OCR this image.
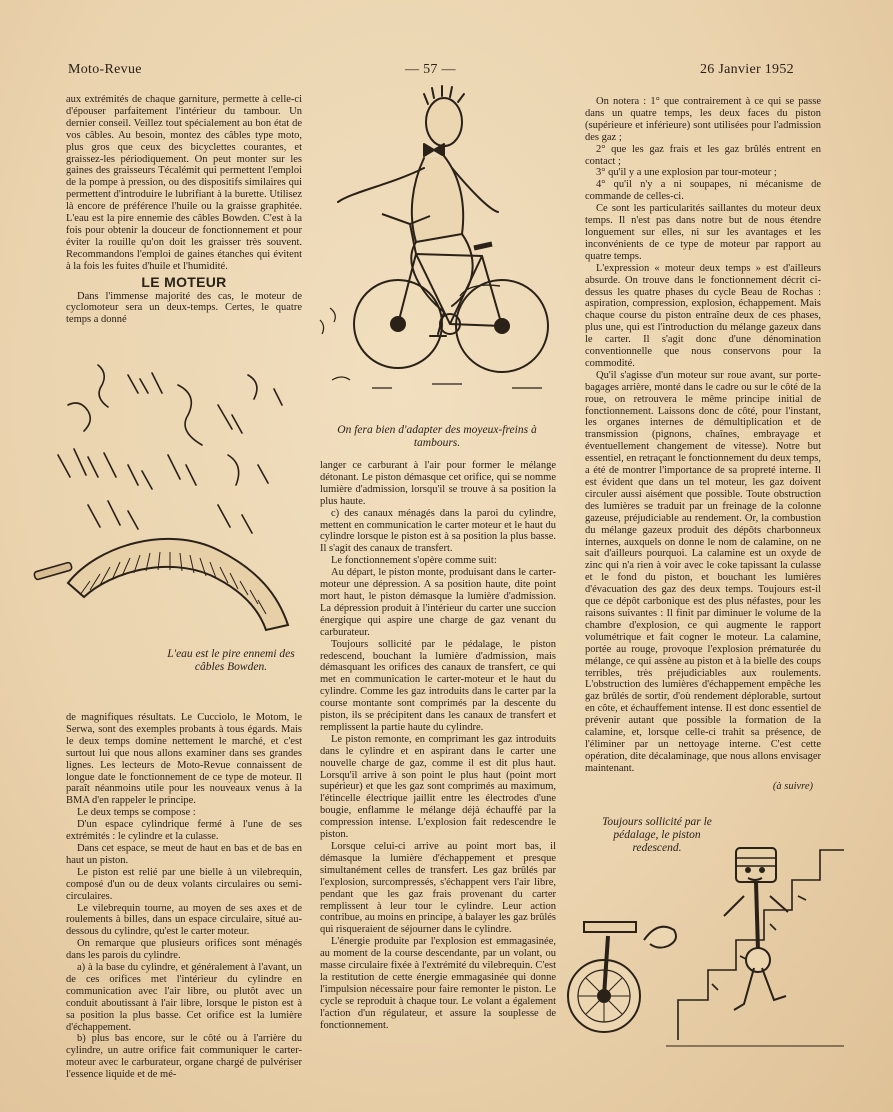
Moto-Revue	— 57 —	26 Janvier 1952

aux extrémités de chaque garniture, permette à celle-ci d'épouser parfaitement l'intérieur du tambour. Un dernier conseil. Veillez tout spécialement au bon état de vos câbles. Au besoin, montez des câbles type moto, plus gros que ceux des bicyclettes courantes, et graissez-les périodiquement. On peut monter sur les gaines des graisseurs Técalémit qui permettent l'emploi de la pompe à pression, ou des dispositifs similaires qui permettent d'introduire le lubrifiant à la burette. Utilisez là encore de préférence l'huile ou la graisse graphitée. L'eau est la pire ennemie des câbles Bowden. C'est à la fois pour obtenir la douceur de fonctionnement et pour éviter la rouille qu'on doit les graisser très souvent. Recommandons l'emploi de gaines étanches qui évitent à la fois les fuites d'huile et l'humidité.

LE MOTEUR

Dans l'immense majorité des cas, le moteur de cyclomoteur sera un deux-temps. Certes, le quatre temps a donné

L'eau est le pire ennemi des câbles Bowden.

de magnifiques résultats. Le Cucciolo, le Motom, le Serwa, sont des exemples probants à tous égards. Mais le deux temps domine nettement le marché, et c'est surtout lui que nous allons examiner dans ses grandes lignes. Les lecteurs de Moto-Revue connaissent de longue date le fonctionnement de ce type de moteur. Il paraît néanmoins utile pour les nouveaux venus à la BMA d'en rappeler le principe.

Le deux temps se compose :

D'un espace cylindrique fermé à l'une de ses extrémités : le cylindre et la culasse.

Dans cet espace, se meut de haut en bas et de bas en haut un piston.

Le piston est relié par une bielle à un vilebrequin, composé d'un ou de deux volants circulaires ou semi-circulaires.

Le vilebrequin tourne, au moyen de ses axes et de roulements à billes, dans un espace circulaire, situé au-dessous du cylindre, qu'est le carter moteur.

On remarque que plusieurs orifices sont ménagés dans les parois du cylindre.

a) à la base du cylindre, et généralement à l'avant, un de ces orifices met l'intérieur du cylindre en communication avec l'air libre, ou plutôt avec un conduit aboutissant à l'air libre, lorsque le piston est à sa position la plus basse. Cet orifice est la lumière d'échappement.

b) plus bas encore, sur le côté ou à l'arrière du cylindre, un autre orifice fait communiquer le carter-moteur avec le carburateur, organe chargé de pulvériser l'essence liquide et de mé-

On fera bien d'adapter des moyeux-freins à tambours.

langer ce carburant à l'air pour former le mélange détonant. Le piston démasque cet orifice, qui se nomme lumière d'admission, lorsqu'il se trouve à sa position la plus haute.

c) des canaux ménagés dans la paroi du cylindre, mettent en communication le carter moteur et le haut du cylindre lorsque le piston est à sa position la plus basse. Il s'agit des canaux de transfert.

Le fonctionnement s'opère comme suit:

Au départ, le piston monte, produisant dans le carter-moteur une dépression. A sa position haute, dite point mort haut, le piston démasque la lumière d'admission. La dépression produit à l'intérieur du carter une succion énergique qui aspire une charge de gaz venant du carburateur.

Toujours sollicité par le pédalage, le piston redescend, bouchant la lumière d'admission, mais démasquant les orifices des canaux de transfert, ce qui met en communication le carter-moteur et le haut du cylindre. Comme les gaz introduits dans le carter par la course montante sont comprimés par la descente du piston, ils se précipitent dans les canaux de transfert et remplissent la partie haute du cylindre.

Le piston remonte, en comprimant les gaz introduits dans le cylindre et en aspirant dans le carter une nouvelle charge de gaz, comme il est dit plus haut. Lorsqu'il arrive à son point le plus haut (point mort supérieur) et que les gaz sont comprimés au maximum, l'étincelle électrique jaillit entre les électrodes d'une bougie, enflamme le mélange déjà échauffé par la compression intense. L'explosion fait redescendre le piston.

Lorsque celui-ci arrive au point mort bas, il démasque la lumière d'échappement et presque simultanément celles de transfert. Les gaz brûlés par l'explosion, surcompressés, s'échappent vers l'air libre, pendant que les gaz frais provenant du carter remplissent à leur tour le cylindre. Leur action contribue, au moins en principe, à balayer les gaz brûlés qui risqueraient de séjourner dans le cylindre.

L'énergie produite par l'explosion est emmagasinée, au moment de la course descendante, par un volant, ou masse circulaire fixée à l'extrémité du vilebrequin. C'est la restitution de cette énergie emmagasinée qui donne l'impulsion nécessaire pour faire remonter le piston. Le cycle se reproduit à chaque tour. Le volant a également l'action d'un régulateur, et assure la souplesse de fonctionnement.

On notera : 1° que contrairement à ce qui se passe dans un quatre temps, les deux faces du piston (supérieure et inférieure) sont utilisées pour l'admission des gaz ;

2° que les gaz frais et les gaz brûlés entrent en contact ;

3° qu'il y a une explosion par tour-moteur ;

4° qu'il n'y a ni soupapes, ni mécanisme de commande de celles-ci.

Ce sont les particularités saillantes du moteur deux temps. Il n'est pas dans notre but de nous étendre longuement sur elles, ni sur les avantages et les inconvénients de ce type de moteur par rapport au quatre temps.

L'expression « moteur deux temps » est d'ailleurs absurde. On trouve dans le fonctionnement décrit ci-dessus les quatre phases du cycle Beau de Rochas : aspiration, compression, explosion, échappement. Mais chaque course du piston entraîne deux de ces phases, plus une, qui est l'introduction du mélange gazeux dans le carter. Il s'agit donc d'une dénomination conventionnelle que nous conservons pour la commodité.

Qu'il s'agisse d'un moteur sur roue avant, sur porte-bagages arrière, monté dans le cadre ou sur le côté de la roue, on retrouvera le même principe initial de fonctionnement. Laissons donc de côté, pour l'instant, les organes internes de démultiplication et de transmission (pignons, chaînes, embrayage et éventuellement changement de vitesse). Notre but essentiel, en retraçant le fonctionnement du deux temps, a été de montrer l'importance de sa propreté interne. Il est évident que dans un tel moteur, les gaz doivent circuler aussi aisément que possible. Toute obstruction des lumières se traduit par un freinage de la colonne gazeuse, préjudiciable au rendement. Or, la combustion du mélange gazeux produit des dépôts charbonneux internes, auxquels on donne le nom de calamine, on ne sait d'ailleurs pourquoi. La calamine est un oxyde de zinc qui n'a rien à voir avec le coke tapissant la culasse et le fond du piston, et bouchant les lumières d'évacuation des gaz des deux temps. Toujours est-il que ce dépôt carbonique est des plus néfastes, pour les raisons suivantes : Il finit par diminuer le volume de la chambre d'explosion, ce qui augmente le rapport volumétrique et fait cogner le moteur. La calamine, portée au rouge, provoque l'explosion prématurée du mélange, ce qui assène au piston et à la bielle des coups terribles, très préjudiciables aux roulements. L'obstruction des lumières d'échappement empêche les gaz brûlés de sortir, d'où rendement déplorable, surtout en côte, et échauffement intense. Il est donc essentiel de prévenir autant que possible la formation de la calamine, et, lorsque celle-ci trahit sa présence, de l'éliminer par un nettoyage interne. C'est cette opération, dite décalaminage, que nous allons envisager maintenant.

(à suivre)
Toujours sollicité par le pédalage, le piston redescend.
